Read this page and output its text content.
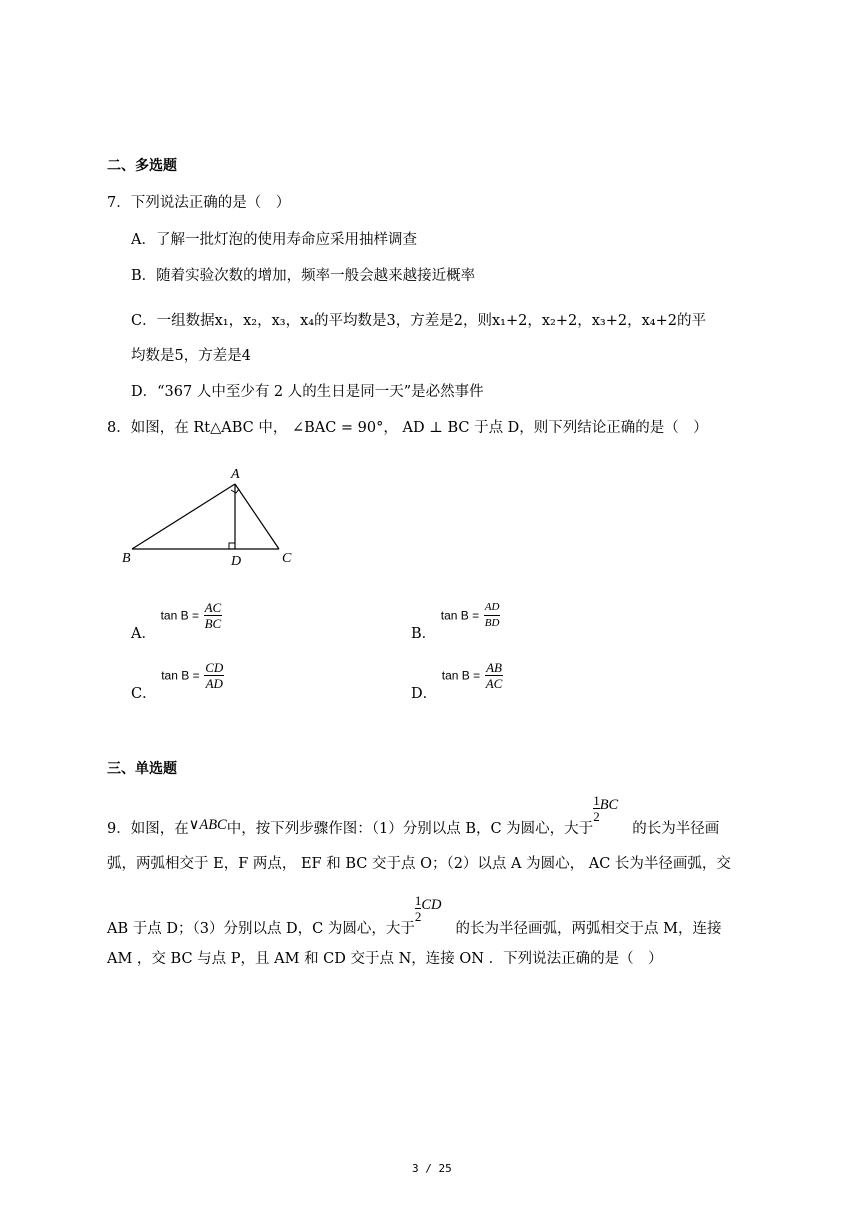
二、多选题
7．下列说法正确的是（　）
A．了解一批灯泡的使用寿命应采用抽样调查
B．随着实验次数的增加，频率一般会越来越接近概率
C．一组数据x₁，x₂，x₃，x₄的平均数是3，方差是2，则x₁+2，x₂+2，x₃+2，x₄+2的平
均数是5，方差是4
D．“367 人中至少有 2 人的生日是同一天”是必然事件
8．如图，在 Rt△ABC 中， ∠BAC = 90°， AD ⊥ BC 于点 D，则下列结论正确的是（　）
A
B	C
D
A． $\tan B = \frac{AC}{BC}$
B． $\tan B = \frac{AD}{BD}$
C． $\tan B = \frac{CD}{AD}$
D． $\tan B = \frac{AB}{AC}$
三、单选题
9．如图，在∨ABC中，按下列步骤作图：（1）分别以点 B，C 为圆心，大于
$\frac{1}{2}$ BC的长为半径画
弧，两弧相交于 E，F 两点， EF 和 BC 交于点 O；（2）以点 A 为圆心， AC 长为半径画弧，交
AB 于点 D；（3）分别以点 D，C 为圆心，大于
$\frac{1}{2}$ CD的长为半径画弧，两弧相交于点 M，连接
AM ，交 BC 与点 P，且 AM 和 CD 交于点 N，连接 ON ．下列说法正确的是（　）
3 / 25
